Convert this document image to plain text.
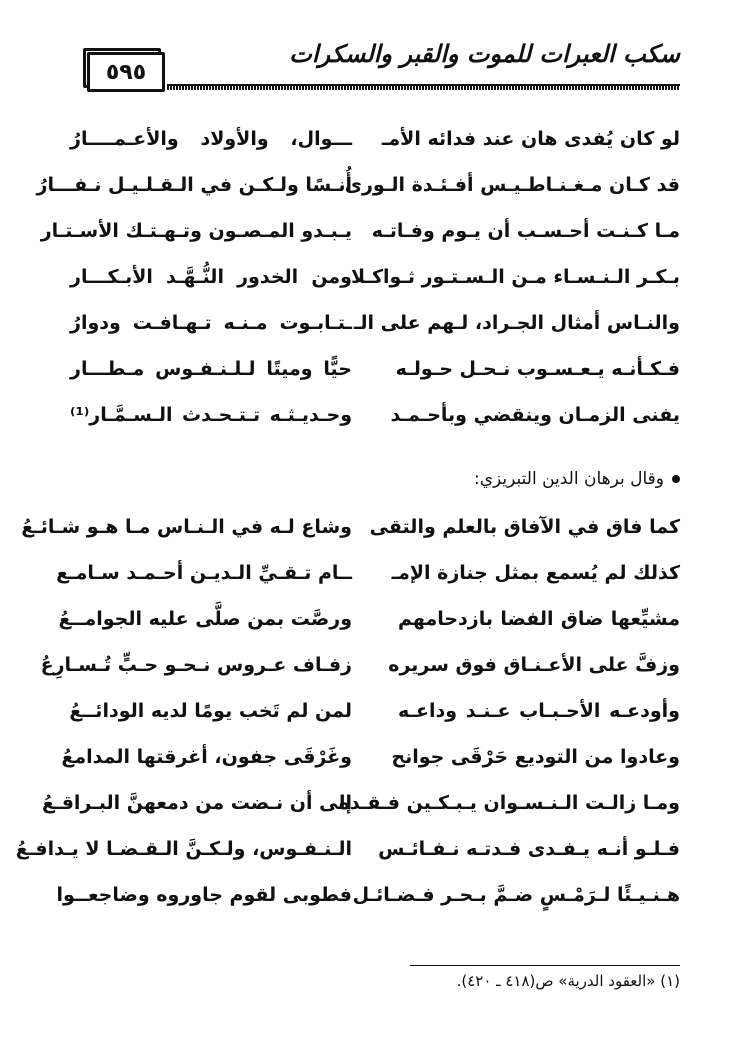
٥٩٥
سكب العبرات للموت والقبر والسكرات
لو كان يُفدى هان عند فدائه الأمـ
ـــوال، والأولاد والأعـمــــارُ
قد كـان مـغـنـاطـيـس أفـئـدة الـورى
أُنـسًا ولـكـن في الـقـلـيـل نـفـــارُ
مـا كـنـت أحـسـب أن يـوم وفـاتـه
يـبـدو المـصـون وتـهـتـك الأسـتـار
بـكـر الـنـسـاء مـن الـسـتـور ثـواكـلا
ومن الخدور النُّـهَّـد الأبـكـــار
والنـاس أمثال الجـراد، لـهم على الـ
ـتـابـوت مـنـه تـهـافـت ودوارُ
فـكـأنـه يـعـسـوب نـحـل حـولـه
حيًّا وميتًا لـلـنـفـوس مـطـــار
يفنى الزمـان وينقضي وبأحـمـد
وحـديـثـه تـتـحـدث الـسـمَّـار⁽¹⁾
وقال برهان الدين التبريزي:
كما فاق في الآفاق بالعلم والتقى
وشاع لـه في الـنـاس مـا هـو شـائـعُ
كذلك لم يُسمع بمثل جنازة الإمـ
ــام تـقـيِّ الـديـن أحـمـد سـامـع
مشيِّعها ضاق الفضا بازدحامهم
ورصَّت بمن صلَّى عليه الجوامــعُ
وزفَّ على الأعـنـاق فوق سريره
زفـاف عـروس نـحـو حـبٍّ تُـسـارِعُ
وأودعـه الأحـبـاب عـنـد وداعـه
لمن لم تَخب يومًا لديه الودائــعُ
وعادوا من التوديع حَرْقَى جوانح
وغَرْقَى جفون، أغرقتها المدامعُ
ومـا زالـت الـنـسـوان يـبـكـين فـقـده
إلى أن نـضت من دمعهنَّ البـراقـعُ
فـلـو أنـه يـفـدى فـدتـه نـفـائـس
الـنـفـوس، ولـكـنَّ الـقـضـا لا يـدافـعُ
هـنـيـئًا لـرَمْـسٍ ضـمَّ بـحـر فـضـائـل
فطوبى لقوم جاوروه وضاجعــوا
(١) «العقود الدرية» ص(٤١٨ ـ ٤٢٠).
